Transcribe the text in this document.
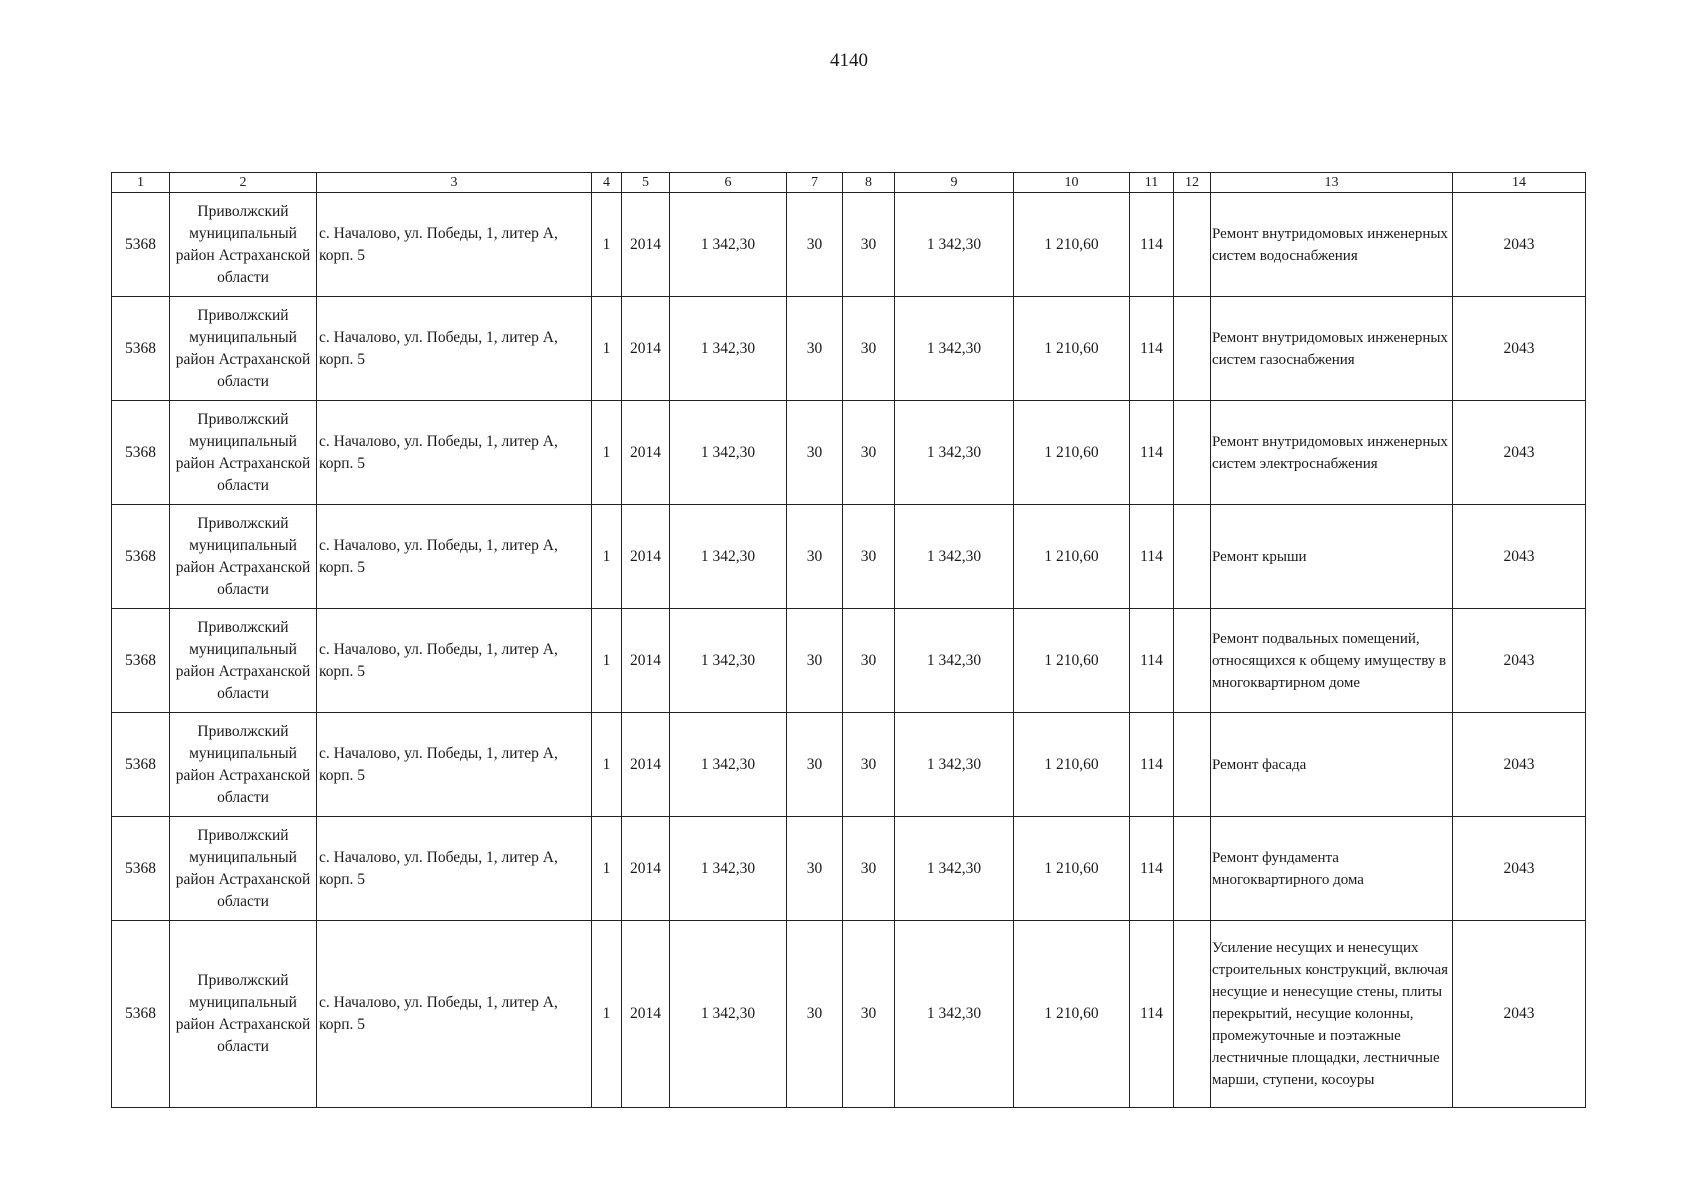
4140
1	2	3	4	5	6	7	8	9	10	11	12	13	14
5368	Приволжский муниципальный район Астраханской области	с. Началово, ул. Победы, 1, литер А, корп. 5	1	2014	1 342,30	30	30	1 342,30	1 210,60	114		Ремонт внутридомовых инженерных систем водоснабжения	2043
5368	Приволжский муниципальный район Астраханской области	с. Началово, ул. Победы, 1, литер А, корп. 5	1	2014	1 342,30	30	30	1 342,30	1 210,60	114		Ремонт внутридомовых инженерных систем газоснабжения	2043
5368	Приволжский муниципальный район Астраханской области	с. Началово, ул. Победы, 1, литер А, корп. 5	1	2014	1 342,30	30	30	1 342,30	1 210,60	114		Ремонт внутридомовых инженерных систем электроснабжения	2043
5368	Приволжский муниципальный район Астраханской области	с. Началово, ул. Победы, 1, литер А, корп. 5	1	2014	1 342,30	30	30	1 342,30	1 210,60	114		Ремонт крыши	2043
5368	Приволжский муниципальный район Астраханской области	с. Началово, ул. Победы, 1, литер А, корп. 5	1	2014	1 342,30	30	30	1 342,30	1 210,60	114		Ремонт подвальных помещений, относящихся к общему имуществу в многоквартирном доме	2043
5368	Приволжский муниципальный район Астраханской области	с. Началово, ул. Победы, 1, литер А, корп. 5	1	2014	1 342,30	30	30	1 342,30	1 210,60	114		Ремонт фасада	2043
5368	Приволжский муниципальный район Астраханской области	с. Началово, ул. Победы, 1, литер А, корп. 5	1	2014	1 342,30	30	30	1 342,30	1 210,60	114		Ремонт фундамента многоквартирного дома	2043
5368	Приволжский муниципальный район Астраханской области	с. Началово, ул. Победы, 1, литер А, корп. 5	1	2014	1 342,30	30	30	1 342,30	1 210,60	114		Усиление несущих и ненесущих строительных конструкций, включая несущие и ненесущие стены, плиты перекрытий, несущие колонны, промежуточные и поэтажные лестничные площадки, лестничные марши, ступени, косоуры	2043
